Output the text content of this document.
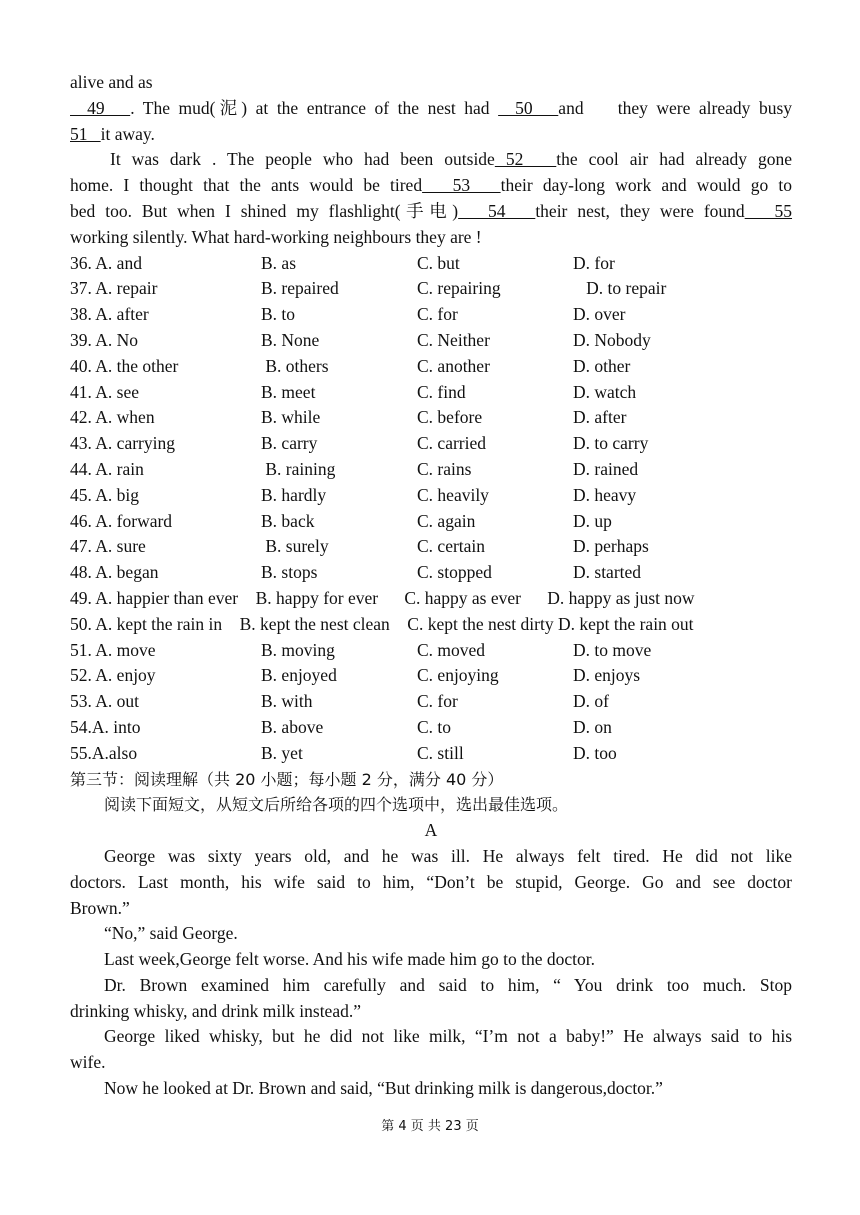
alive and as
49   . The mud(泥) at the entrance of the nest had   50   and    they were already busy
51   it away.
It was dark . The people who had been outside 52   the cool air had already gone
home. I thought that the ants would be tired   53   their day-long work and would go to
bed too. But when I shined my flashlight(手电)   54   their nest, they were found   55
working silently. What hard-working neighbours they are !
36. A. and	B. as	C. but	D. for
37. A. repair	B. repaired	C. repairing	D. to repair
38. A. after	B. to	C. for	D. over
39. A. No	B. None	C. Neither	D. Nobody
40. A. the other	B. others	C. another	D. other
41. A. see	B. meet	C. find	D. watch
42. A. when	B. while	C. before	D. after
43. A. carrying	B. carry	C. carried	D. to carry
44. A. rain	B. raining	C. rains	D. rained
45. A. big	B. hardly	C. heavily	D. heavy
46. A. forward	B. back	C. again	D. up
47. A. sure	B. surely	C. certain	D. perhaps
48. A. began	B. stops	C. stopped	D. started
49. A. happier than ever    B. happy for ever      C. happy as ever      D. happy as just now
50. A. kept the rain in    B. kept the nest clean    C. kept the nest dirty D. kept the rain out
51. A. move	B. moving	C. moved	D. to move
52. A. enjoy	B. enjoyed	C. enjoying	D. enjoys
53. A. out	B. with	C. for	D. of
54.A. into	B. above	C. to	D. on
55.A.also	B. yet	C. still	D. too
第三节：阅读理解（共 20 小题；每小题 2 分，满分 40 分）
阅读下面短文，从短文后所给各项的四个选项中，选出最佳选项。
A
George was sixty years old, and he was ill. He always felt tired. He did not like
doctors. Last month, his wife said to him, “Don’t be stupid, George. Go and see doctor
Brown.”
“No,” said George.
Last week,George felt worse. And his wife made him go to the doctor.
Dr. Brown examined him carefully and said to him, “ You drink too much. Stop
drinking whisky, and drink milk instead.”
George liked whisky, but he did not like milk, “I’m not a baby!” He always said to his
wife.
Now he looked at Dr. Brown and said, “But drinking milk is dangerous,doctor.”
第 4 页 共 23 页
